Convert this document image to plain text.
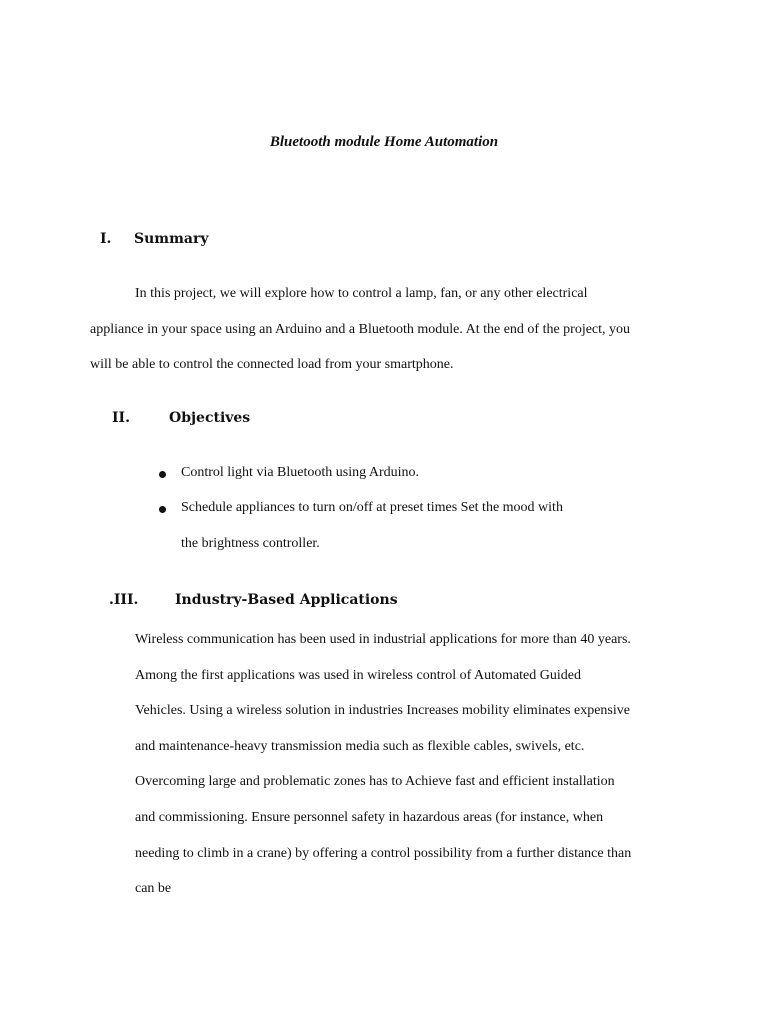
Bluetooth module Home Automation
I. Summary

In this project, we will explore how to control a lamp, fan, or any other electrical
appliance in your space using an Arduino and a Bluetooth module. At the end of the project, you
will be able to control the connected load from your smartphone.

II.	Objectives
Control light via Bluetooth using Arduino.
Schedule appliances to turn on/off at preset times Set the mood with
the brightness controller.
.III.	Industry-Based Applications

Wireless communication has been used in industrial applications for more than 40 years.
Among the first applications was used in wireless control of Automated Guided
Vehicles. Using a wireless solution in industries Increases mobility eliminates expensive
and maintenance-heavy transmission media such as flexible cables, swivels, etc.
Overcoming large and problematic zones has to Achieve fast and efficient installation
and commissioning. Ensure personnel safety in hazardous areas (for instance, when
needing to climb in a crane) by offering a control possibility from a further distance than
can be
